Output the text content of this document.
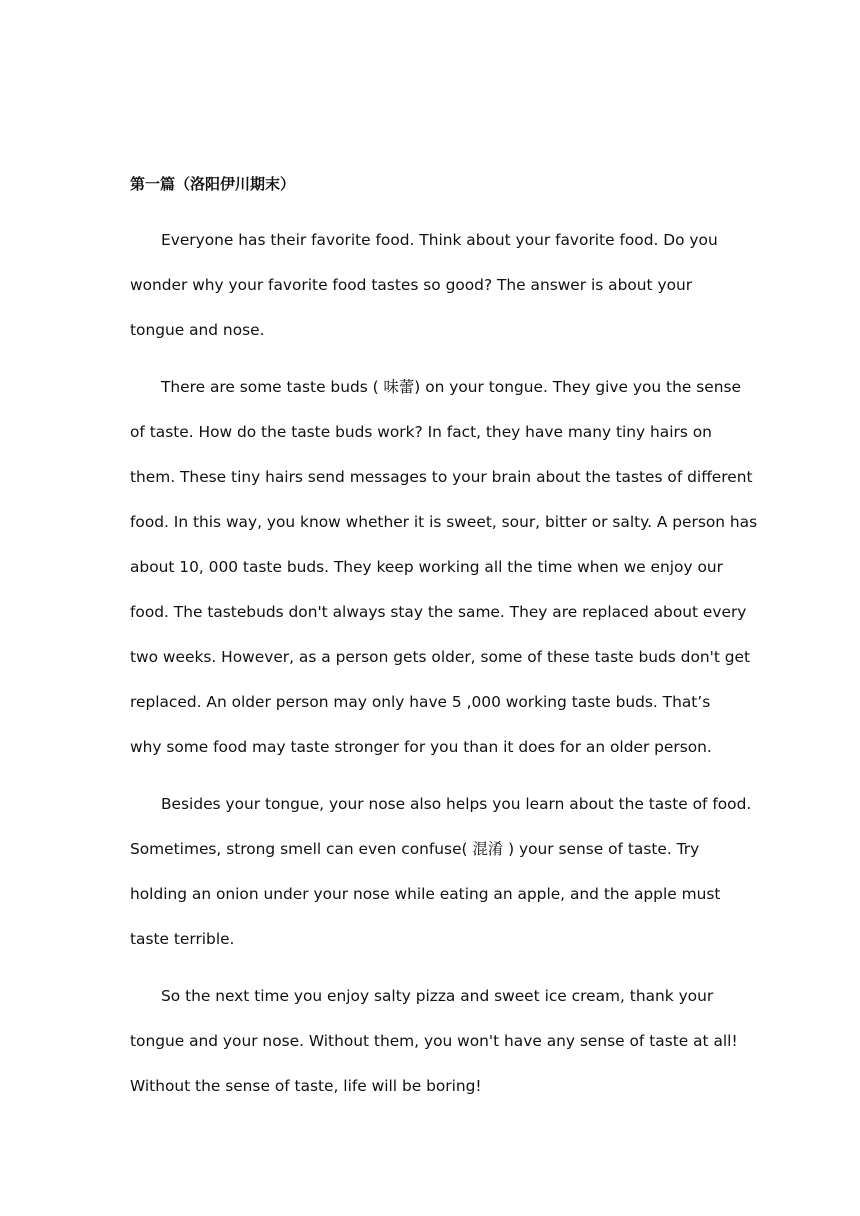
第一篇（洛阳伊川期末）
Everyone has their favorite food. Think about your favorite food. Do you
wonder why your favorite food tastes so good? The answer is about your
tongue and nose.
There are some taste buds ( 味蕾) on your tongue. They give you the sense
of taste. How do the taste buds work? In fact, they have many tiny hairs on
them. These tiny hairs send messages to your brain about the tastes of different
food. In this way, you know whether it is sweet, sour, bitter or salty. A person has
about 10, 000 taste buds. They keep working all the time when we enjoy our
food. The tastebuds don't always stay the same. They are replaced about every
two weeks. However, as a person gets older, some of these taste buds don't get
replaced. An older person may only have 5 ,000 working taste buds. That’s
why some food may taste stronger for you than it does for an older person.
Besides your tongue, your nose also helps you learn about the taste of food.
Sometimes, strong smell can even confuse( 混淆 ) your sense of taste. Try
holding an onion under your nose while eating an apple, and the apple must
taste terrible.
So the next time you enjoy salty pizza and sweet ice cream, thank your
tongue and your nose. Without them, you won't have any sense of taste at all!
Without the sense of taste, life will be boring!
